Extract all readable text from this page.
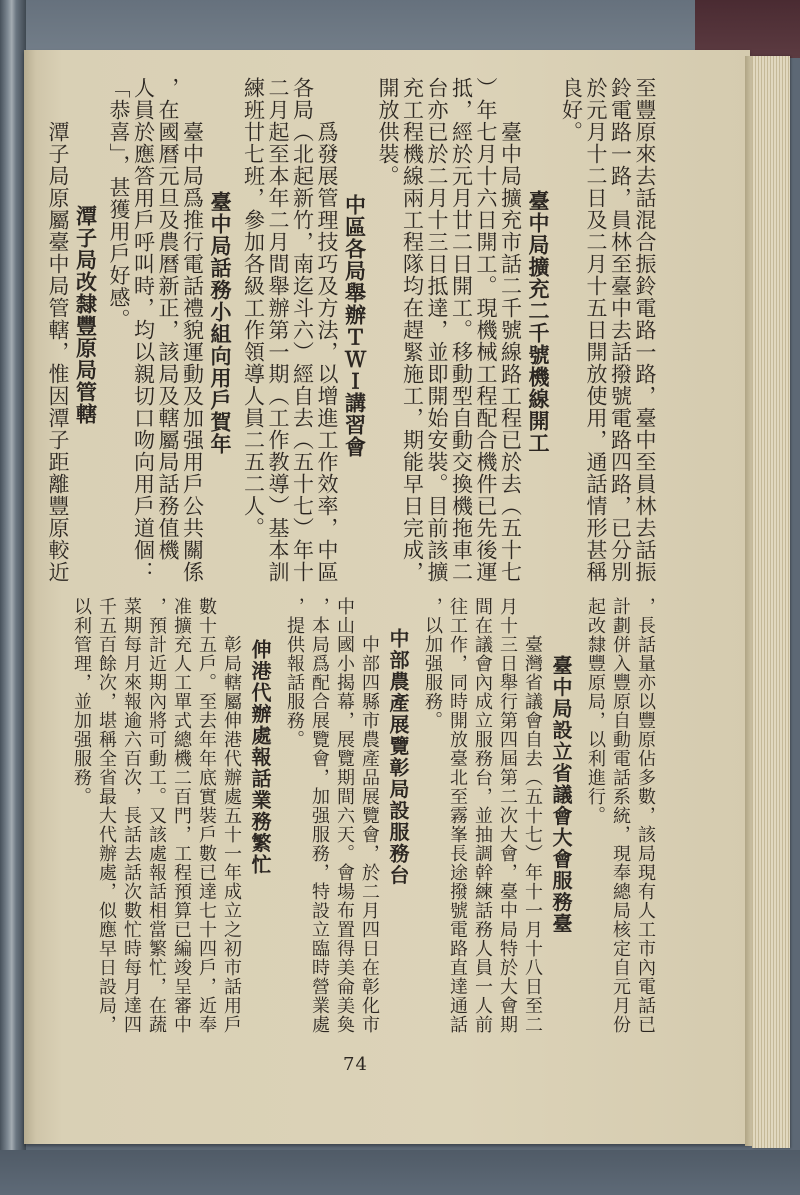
至豐原來去話混合振鈴電路一路，臺中至員林去話振
鈴電路一路，員林至臺中去話撥號電路四路，已分別
於元月十二日及二月十五日開放使用，通話情形甚稱
良好。
臺中局擴充二千號機線開工
臺中局擴充市話二千號線路工程已於去（五十七
）年七月十六日開工。現機械工程配合機件已先後運
抵，經於元月廿二日開工。移動型自動交換機拖車二
台亦已於二月十三日抵達，並即開始安裝。目前該擴
充工程機線兩工程隊均在趕緊施工，期能早日完成，
開放供裝。
中區各局舉辦ＴＷＩ講習會
爲發展管理技巧及方法，以增進工作效率，中區
各局（北起新竹，南迄斗六）經自去（五十七）年十
二月起至本年二月間舉辦第一期（工作教導）基本訓
練班廿七班，參加各級工作領導人員二五二人。
臺中局話務小組向用戶賀年
臺中局爲推行電話禮貌運動及加强用戶公共關係
，在國曆元旦及農曆新正，該局及轄屬局話務值機
人員於應答用戶呼叫時，均以親切口吻向用戶道個：
「恭喜」，甚獲用戶好感。
潭子局改隸豐原局管轄
潭子局原屬臺中局管轄，惟因潭子距離豐原較近
，長話量亦以豐原佔多數，該局現有人工市內電話已
計劃併入豐原自動電話系統，現奉總局核定自元月份
起改隸豐原局，以利進行。
臺中局設立省議會大會服務臺
臺灣省議會自去（五十七）年十一月十八日至二
月十三日舉行第四屆第二次大會，臺中局特於大會期
間在議會內成立服務台，並抽調幹練話務人員一人前
往工作，同時開放臺北至霧峯長途撥號電路直達通話
，以加强服務。
中部農產展覽彰局設服務台
中部四縣市農產品展覽會，於二月四日在彰化市
中山國小揭幕，展覽期間六天。會場布置得美侖美奐
，本局爲配合展覽會，加强服務，特設立臨時營業處
，提供報話服務。
伸港代辦處報話業務繁忙
彰局轄屬伸港代辦處五十一年成立之初市話用戶
數十五戶。至去年年底實裝戶數已達七十四戶，近奉
准擴充人工單式總機二百門，工程預算已編竣呈審中
，預計近期內將可動工。又該處報話相當繁忙，在蔬
菜期每月來報逾六百次，長話去話次數忙時每月達四
千五百餘次，堪稱全省最大代辦處，似應早日設局，
以利管理，並加强服務。
74
